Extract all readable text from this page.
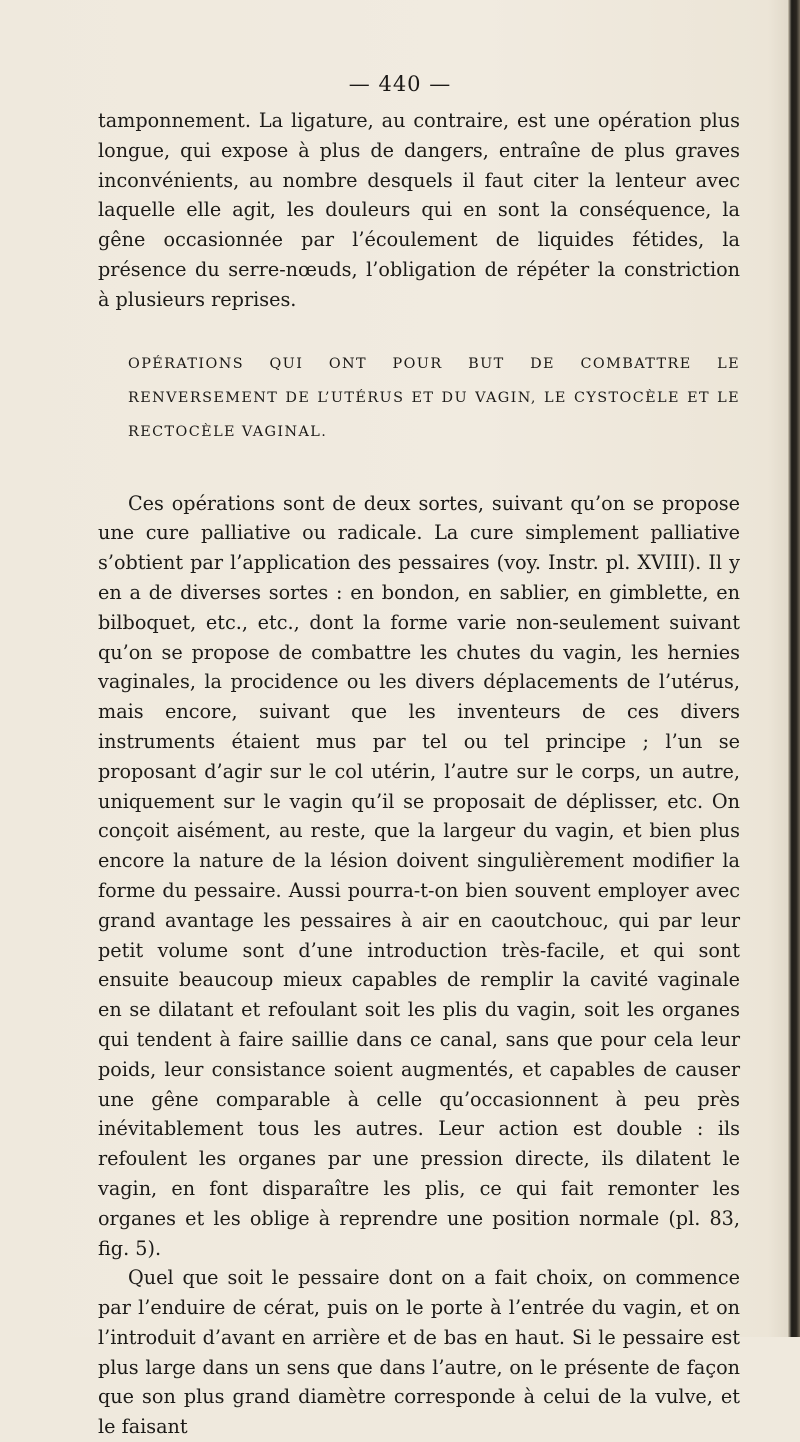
— 440 —

tamponnement. La ligature, au contraire, est une opération plus longue, qui expose à plus de dangers, entraîne de plus graves inconvénients, au nombre desquels il faut citer la lenteur avec laquelle elle agit, les douleurs qui en sont la conséquence, la gêne occasionnée par l’écoulement de liquides fétides, la présence du serre-nœuds, l’obligation de répéter la constriction à plusieurs reprises.

OPÉRATIONS QUI ONT POUR BUT DE COMBATTRE LE RENVERSEMENT DE L’UTÉRUS ET DU VAGIN, LE CYSTOCÈLE ET LE RECTOCÈLE VAGINAL.

Ces opérations sont de deux sortes, suivant qu’on se propose une cure palliative ou radicale. La cure simplement palliative s’obtient par l’application des pessaires (voy. Instr. pl. XVIII). Il y en a de diverses sortes : en bondon, en sablier, en gimblette, en bilboquet, etc., etc., dont la forme varie non-seulement suivant qu’on se propose de combattre les chutes du vagin, les hernies vaginales, la procidence ou les divers déplacements de l’utérus, mais encore, suivant que les inventeurs de ces divers instruments étaient mus par tel ou tel principe ; l’un se proposant d’agir sur le col utérin, l’autre sur le corps, un autre, uniquement sur le vagin qu’il se proposait de déplisser, etc. On conçoit aisément, au reste, que la largeur du vagin, et bien plus encore la nature de la lésion doivent singulièrement modifier la forme du pessaire. Aussi pourra-t-on bien souvent employer avec grand avantage les pessaires à air en caoutchouc, qui par leur petit volume sont d’une introduction très-facile, et qui sont ensuite beaucoup mieux capables de remplir la cavité vaginale en se dilatant et refoulant soit les plis du vagin, soit les organes qui tendent à faire saillie dans ce canal, sans que pour cela leur poids, leur consistance soient augmentés, et capables de causer une gêne comparable à celle qu’occasionnent à peu près inévitablement tous les autres. Leur action est double : ils refoulent les organes par une pression directe, ils dilatent le vagin, en font disparaître les plis, ce qui fait remonter les organes et les oblige à reprendre une position normale (pl. 83, fig. 5).

Quel que soit le pessaire dont on a fait choix, on commence par l’enduire de cérat, puis on le porte à l’entrée du vagin, et on l’introduit d’avant en arrière et de bas en haut. Si le pessaire est plus large dans un sens que dans l’autre, on le présente de façon que son plus grand diamètre corresponde à celui de la vulve, et le faisant
